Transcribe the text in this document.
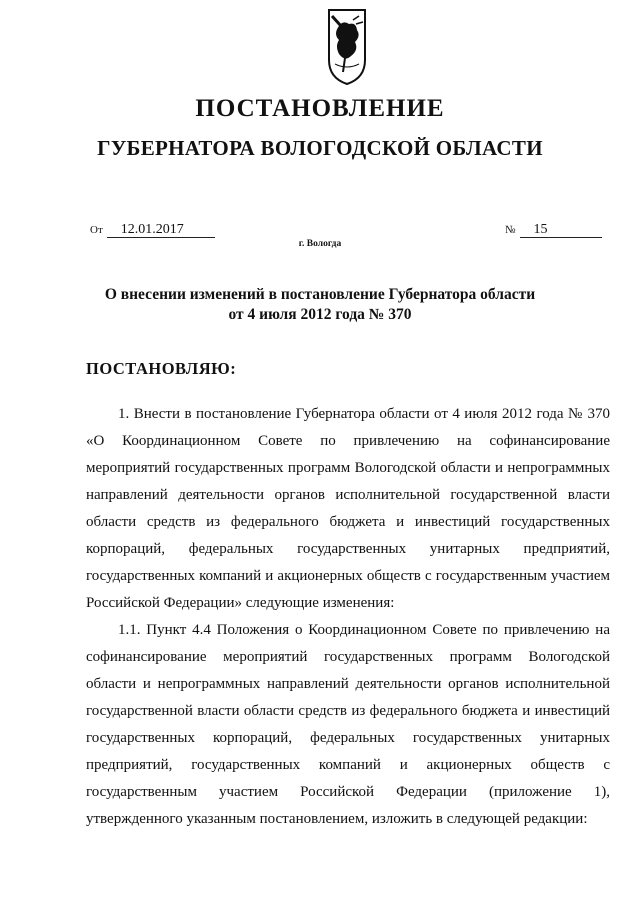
ПОСТАНОВЛЕНИЕ
ГУБЕРНАТОРА ВОЛОГОДСКОЙ ОБЛАСТИ
От 12.01.2017	№ 15
г. Вологда
О внесении изменений в постановление Губернатора области
от 4 июля 2012 года № 370
ПОСТАНОВЛЯЮ:

1. Внести в постановление Губернатора области от 4 июля 2012 года № 370 «О Координационном Совете по привлечению на софинансирование мероприятий государственных программ Вологодской области и непрограммных направлений деятельности органов исполнительной государственной власти области средств из федерального бюджета и инвестиций государственных корпораций, федеральных государственных унитарных предприятий, государственных компаний и акционерных обществ с государственным участием Российской Федерации» следующие изменения:

1.1. Пункт 4.4 Положения о Координационном Совете по привлечению на софинансирование мероприятий государственных программ Вологодской области и непрограммных направлений деятельности органов исполнительной государственной власти области средств из федерального бюджета и инвестиций государственных корпораций, федеральных государственных унитарных предприятий, государственных компаний и акционерных обществ с государственным участием Российской Федерации (приложение 1), утвержденного указанным постановлением, изложить в следующей редакции:
